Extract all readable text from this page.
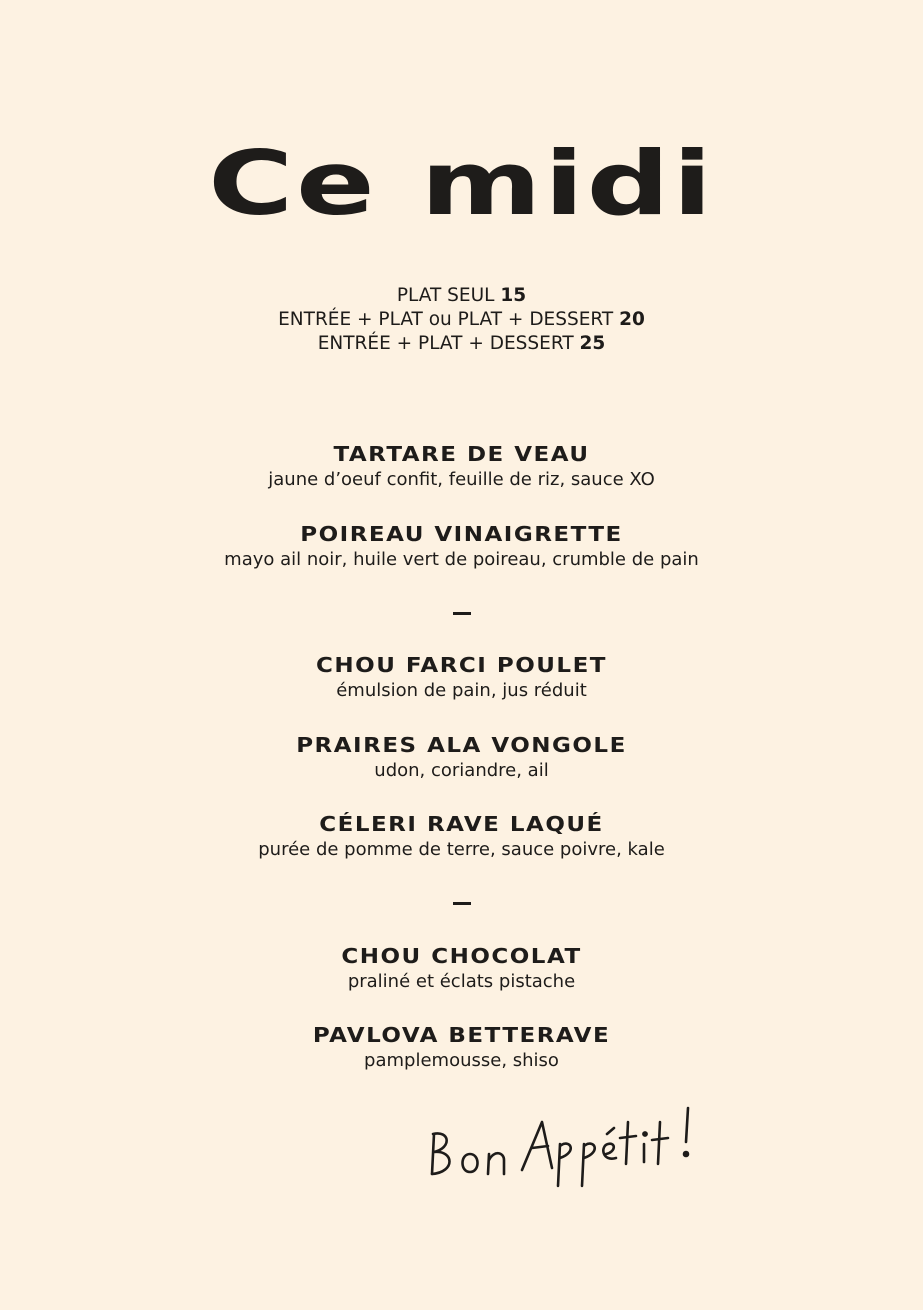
Ce midi
PLAT SEUL 15
ENTRÉE + PLAT ou PLAT + DESSERT 20
ENTRÉE + PLAT + DESSERT 25
TARTARE DE VEAU
jaune d’oeuf confit, feuille de riz, sauce XO
POIREAU VINAIGRETTE
mayo ail noir, huile vert de poireau, crumble de pain
CHOU FARCI POULET
émulsion de pain, jus réduit
PRAIRES ALA VONGOLE
udon, coriandre, ail
CÉLERI RAVE LAQUÉ
purée de pomme de terre, sauce poivre, kale
CHOU CHOCOLAT
praliné et éclats pistache
PAVLOVA BETTERAVE
pamplemousse, shiso
